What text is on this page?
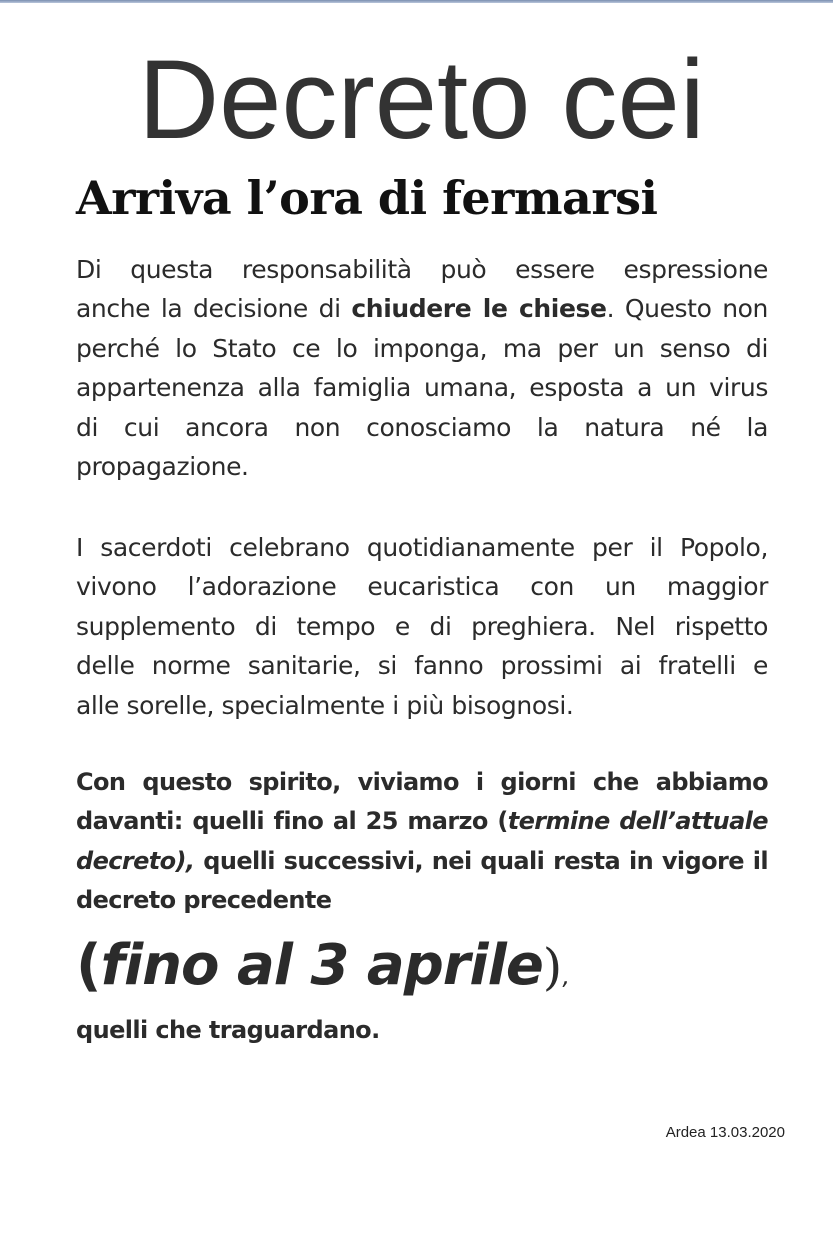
Decreto cei
Arriva l’ora di fermarsi

Di questa responsabilità può essere espressione
anche la decisione di chiudere le chiese. Questo non
perché lo Stato ce lo imponga, ma per un senso di
appartenenza alla famiglia umana, esposta a un virus
di cui ancora non conosciamo la natura né la
propagazione.

I sacerdoti celebrano quotidianamente per il Popolo,
vivono l’adorazione eucaristica con un maggior
supplemento di tempo e di preghiera. Nel rispetto
delle norme sanitarie, si fanno prossimi ai fratelli e
alle sorelle, specialmente i più bisognosi.

Con questo spirito, viviamo i giorni che abbiamo
davanti: quelli fino al 25 marzo (termine dell’attuale
decreto), quelli successivi, nei quali resta in vigore il
decreto precedente

(fino al 3 aprile),
quelli che traguardano.
Ardea 13.03.2020
